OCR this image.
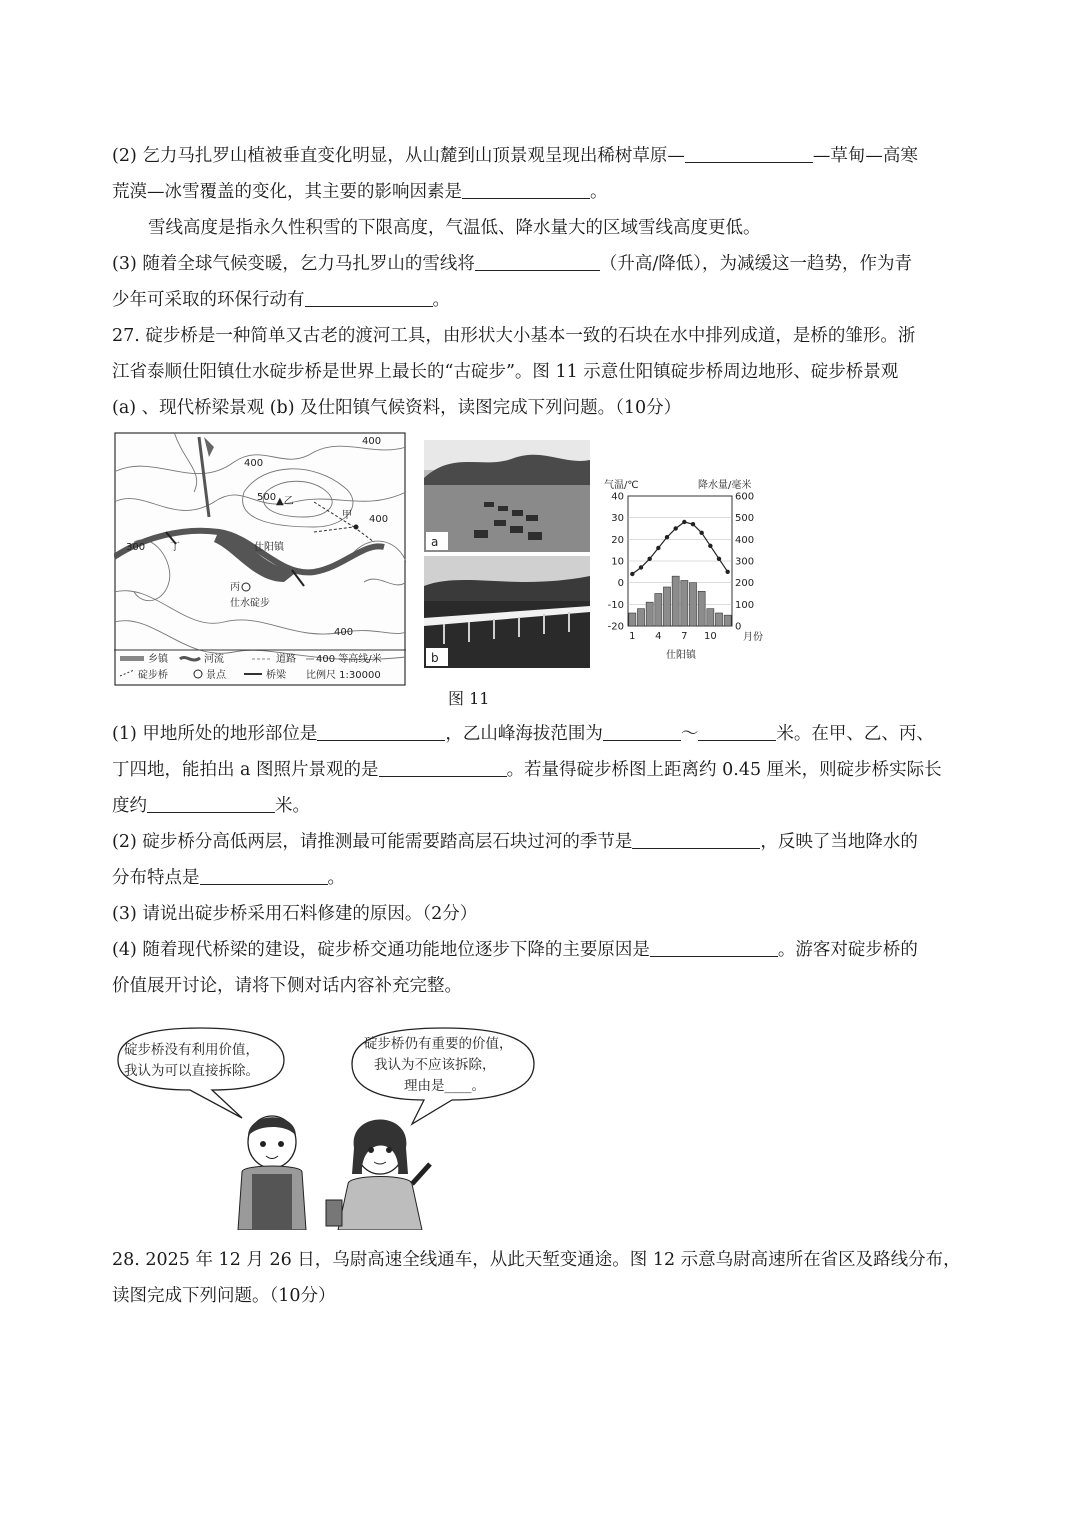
(2) 乞力马扎罗山植被垂直变化明显，从山麓到山顶景观呈现出稀树草原—	—草甸—高寒
荒漠—冰雪覆盖的变化，其主要的影响因素是	。
雪线高度是指永久性积雪的下限高度，气温低、降水量大的区域雪线高度更低。
(3) 随着全球气候变暖，乞力马扎罗山的雪线将	（升高/降低），为减缓这一趋势，作为青
少年可采取的环保行动有	。
27. 碇步桥是一种简单又古老的渡河工具，由形状大小基本一致的石块在水中排列成道，是桥的雏形。浙
江省泰顺仕阳镇仕水碇步桥是世界上最长的“古碇步”。图 11 示意仕阳镇碇步桥周边地形、碇步桥景观
(a) 、现代桥梁景观 (b) 及仕阳镇气候资料，读图完成下列问题。（10分）
400
400
500
300
400
400
▲乙
甲
丁	仕阳镇
丙
仕水碇步
乡镇	河流	道路 400 等高线/米
碇步桥	景点	桥梁 比例尺 1:30000
a
b
气温/℃	降水量/毫米
40
30
20
10
0
-10
-20
600
500
400
300
200
100
0
1 4 7 10	月份
仕阳镇
图 11
(1) 甲地所处的地形部位是	，乙山峰海拔范围为	～	米。在甲、乙、丙、
丁四地，能拍出 a 图照片景观的是	。若量得碇步桥图上距离约 0.45 厘米，则碇步桥实际长
度约	米。
(2) 碇步桥分高低两层，请推测最可能需要踏高层石块过河的季节是	，反映了当地降水的
分布特点是	。
(3) 请说出碇步桥采用石料修建的原因。（2分）
(4) 随着现代桥梁的建设，碇步桥交通功能地位逐步下降的主要原因是	。游客对碇步桥的
价值展开讨论，请将下侧对话内容补充完整。
碇步桥没有利用价值，
我认为可以直接拆除。
碇步桥仍有重要的价值，
我认为不应该拆除，
理由是____。
28. 2025 年 12 月 26 日，乌尉高速全线通车，从此天堑变通途。图 12 示意乌尉高速所在省区及路线分布，
读图完成下列问题。（10分）
